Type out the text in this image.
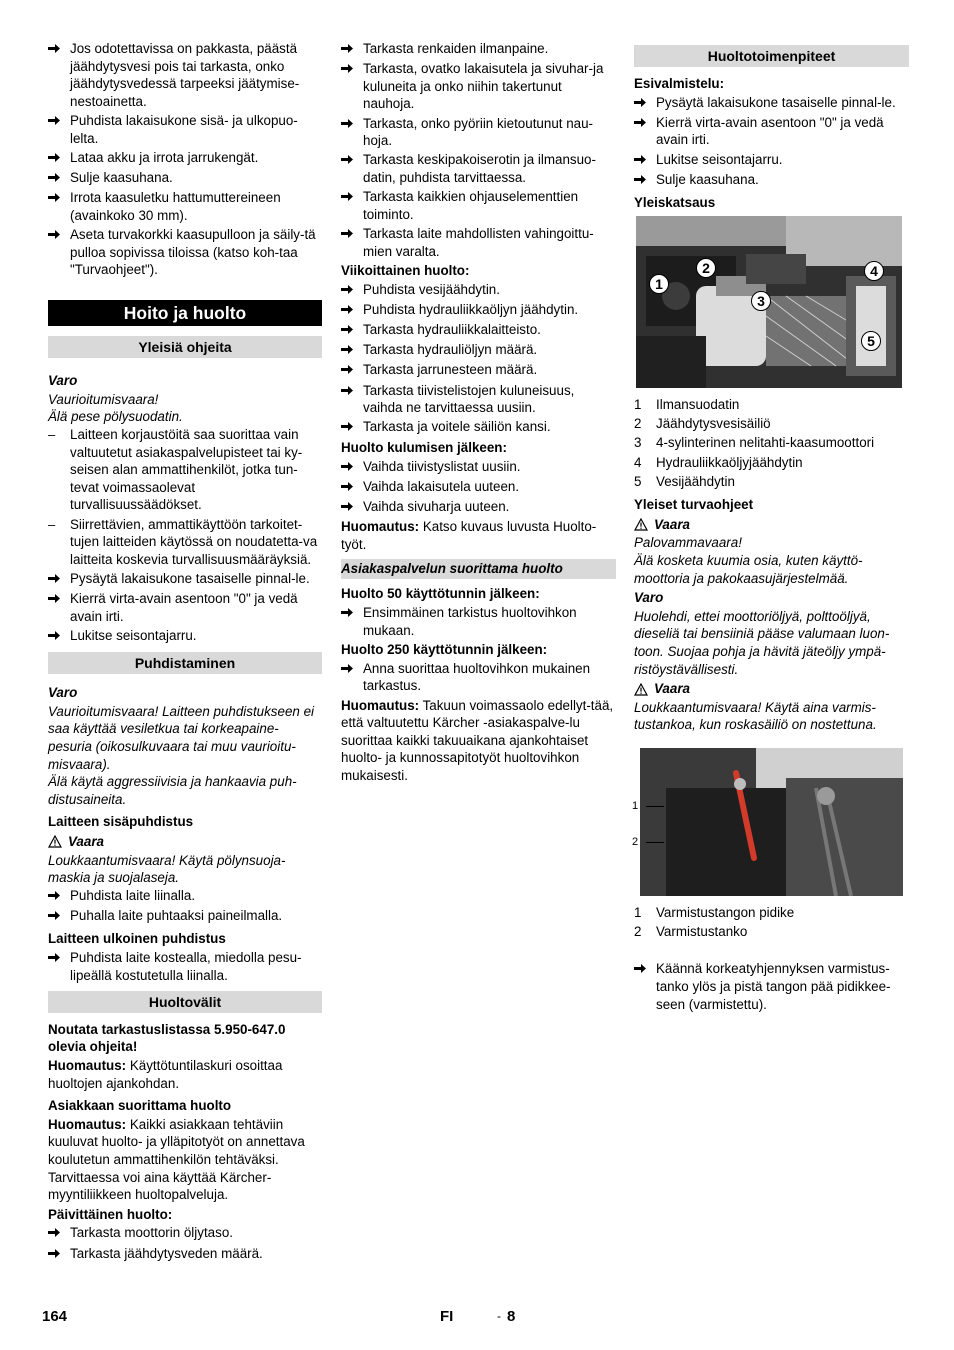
Jos odotettavissa on pakkasta, päästä jäähdytysvesi pois tai tarkasta, onko jäähdytysvedessä tarpeeksi jäätymise-nestoainetta.
Puhdista lakaisukone sisä- ja ulkopuo-lelta.
Lataa akku ja irrota jarrukengät.
Sulje kaasuhana.
Irrota kaasuletku hattumuttereineen (avainkoko 30 mm).
Aseta turvakorkki kaasupulloon ja säily-tä pulloa sopivissa tiloissa (katso koh-taa "Turvaohjeet").
Hoito ja huolto
Yleisiä ohjeita
Varo

Vaurioitumisvaara!

Älä pese pölysuodatin.

–	Laitteen korjaustöitä saa suorittaa vain valtuutetut asiakaspalvelupisteet tai ky-seisen alan ammattihenkilöt, jotka tun-tevat voimassaolevat turvallisuussäädökset.
–	Siirrettävien, ammattikäyttöön tarkoitet-tujen laitteiden käytössä on noudatetta-va laitteita koskevia turvallisuusmääräyksiä.
Pysäytä lakaisukone tasaiselle pinnal-le.
Kierrä virta-avain asentoon "0" ja vedä avain irti.
Lukitse seisontajarru.
Puhdistaminen
Varo

Vaurioitumisvaara! Laitteen puhdistukseen ei saa käyttää vesiletkua tai korkeapaine-pesuria (oikosulkuvaara tai muu vaurioitu-misvaara).

Älä käytä aggressiivisia ja hankaavia puh-distusaineita.

Laitteen sisäpuhdistus
Vaara

Loukkaantumisvaara! Käytä pölynsuoja-maskia ja suojalaseja.

Puhdista laite liinalla.
Puhalla laite puhtaaksi paineilmalla.
Laitteen ulkoinen puhdistus
Puhdista laite kostealla, miedolla pesu-lipeällä kostutetulla liinalla.
Huoltovälit
Noutata tarkastuslistassa 5.950-647.0 olevia ohjeita!

Huomautus: Käyttötuntilaskuri osoittaa huoltojen ajankohdan.

Asiakkaan suorittama huolto

Huomautus: Kaikki asiakkaan tehtäviin kuuluvat huolto- ja ylläpitotyöt on annettava koulutetun ammattihenkilön tehtäväksi. Tarvittaessa voi aina käyttää Kärcher-myyntiliikkeen huoltopalveluja.

Päivittäinen huolto:
Tarkasta moottorin öljytaso.
Tarkasta jäähdytysveden määrä.
Tarkasta renkaiden ilmanpaine.
Tarkasta, ovatko lakaisutela ja sivuhar-ja kuluneita ja onko niihin takertunut nauhoja.
Tarkasta, onko pyöriin kietoutunut nau-hoja.
Tarkasta keskipakoiserotin ja ilmansuo-datin, puhdista tarvittaessa.
Tarkasta kaikkien ohjauselementtien toiminto.
Tarkasta laite mahdollisten vahingoittu-mien varalta.
Viikoittainen huolto:
Puhdista vesijäähdytin.
Puhdista hydrauliikkaöljyn jäähdytin.
Tarkasta hydrauliikkalaitteisto.
Tarkasta hydrauliöljyn määrä.
Tarkasta jarrunesteen määrä.
Tarkasta tiivistelistojen kuluneisuus, vaihda ne tarvittaessa uusiin.
Tarkasta ja voitele säiliön kansi.
Huolto kulumisen jälkeen:
Vaihda tiivistyslistat uusiin.
Vaihda lakaisutela uuteen.
Vaihda sivuharja uuteen.

Huomautus: Katso kuvaus luvusta Huolto-työt.

Asiakaspalvelun suorittama huolto
Huolto 50 käyttötunnin jälkeen:
Ensimmäinen tarkistus huoltovihkon mukaan.
Huolto 250 käyttötunnin jälkeen:
Anna suorittaa huoltovihkon mukainen tarkastus.

Huomautus: Takuun voimassaolo edellyt-tää, että valtuutettu Kärcher -asiakaspalve-lu suorittaa kaikki takuuaikana ajankohtaiset huolto- ja kunnossapitotyöt huoltovihkon mukaisesti.

Huoltotoimenpiteet
Esivalmistelu:
Pysäytä lakaisukone tasaiselle pinnal-le.
Kierrä virta-avain asentoon "0" ja vedä avain irti.
Lukitse seisontajarru.
Sulje kaasuhana.
Yleiskatsaus
1
2
3
4
5
1	Ilmansuodatin
2	Jäähdytysvesisäiliö
3	4-sylinterinen nelitahti-kaasumoottori
4	Hydrauliikkaöljyjäähdytin
5	Vesijäähdytin
Yleiset turvaohjeet
Vaara

Palovammavaara!

Älä kosketa kuumia osia, kuten käyttö-moottoria ja pakokaasujärjestelmää.

Varo

Huolehdi, ettei moottoriöljyä, polttoöljyä, dieseliä tai bensiiniä pääse valumaan luon-toon. Suojaa pohja ja hävitä jäteöljy ympä-ristöystävällisesti.

Vaara

Loukkaantumisvaara! Käytä aina varmis-tustankoa, kun roskasäiliö on nostettuna.

1
2
1	Varmistustangon pidike
2	Varmistustanko
Käännä korkeatyhjennyksen varmistus-tanko ylös ja pistä tangon pää pidikkee-seen (varmistettu).
164	FI	- 8
